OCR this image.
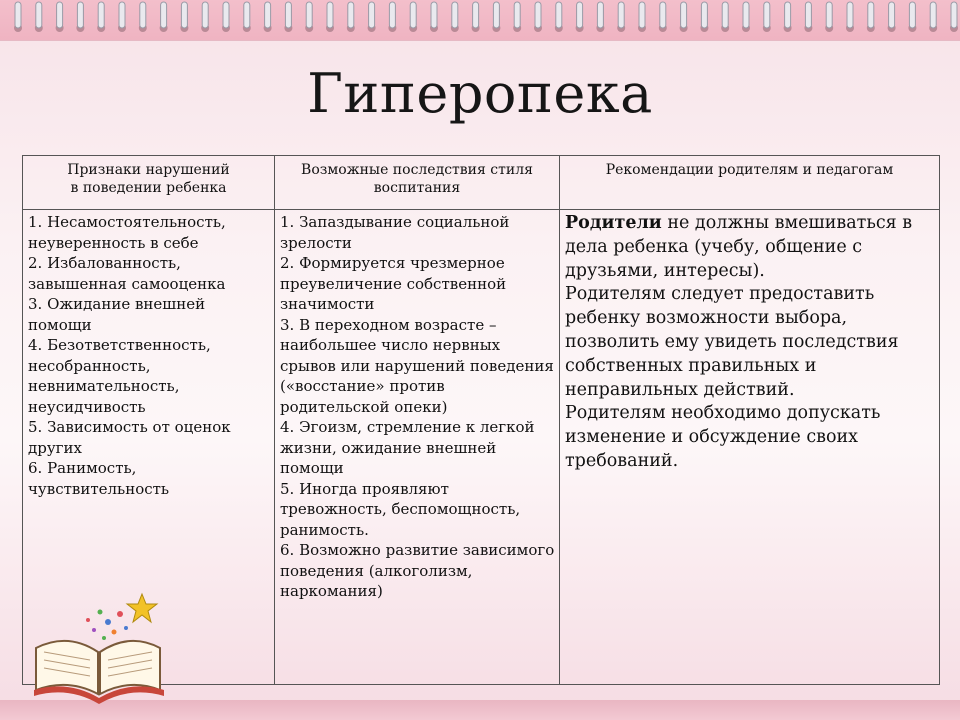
Гиперопека
Признаки нарушений
в поведении ребенка
Возможные последствия стиля
воспитания
Рекомендации родителям и педагогам
1. Несамостоятельность,
неуверенность в себе
2. Избалованность,
завышенная самооценка
3. Ожидание внешней
помощи
4. Безответственность,
несобранность,
невнимательность,
неусидчивость
5. Зависимость от оценок
других
6. Ранимость,
чувствительность
1. Запаздывание социальной
зрелости
2. Формируется чрезмерное
преувеличение собственной
значимости
3. В переходном возрасте –
наибольшее число нервных
срывов или нарушений поведения
(«восстание» против
родительской опеки)
4. Эгоизм, стремление к легкой
жизни, ожидание внешней
помощи
5. Иногда проявляют
тревожность, беспомощность,
ранимость.
6. Возможно развитие зависимого
поведения (алкоголизм,
наркомания)

Родители не должны вмешиваться в дела ребенка (учебу, общение с друзьями, интересы).

Родителям следует предоставить ребенку возможности выбора, позволить ему увидеть последствия собственных правильных и неправильных действий.

Родителям необходимо допускать изменение и обсуждение своих требований.
